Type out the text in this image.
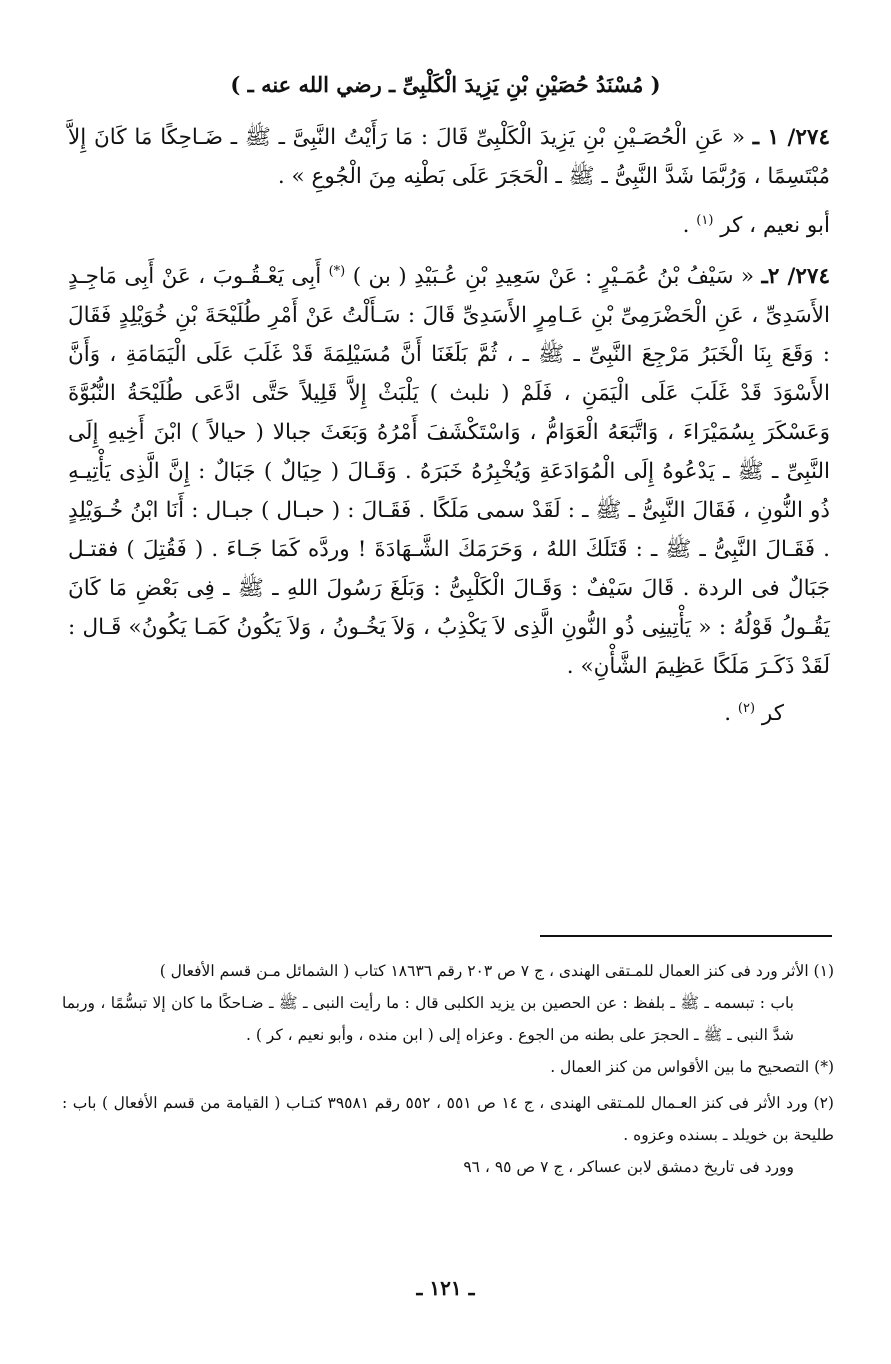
( مُسْنَدُ حُصَيْنِ بْنِ يَزِيدَ الْكَلْبِىِّ ـ رضي الله عنه ـ )

٢٧٤/ ١ ـ « عَنِ الْحُصَـيْنِ بْنِ يَزِيدَ الْكَلْبِىِّ قَالَ : مَا رَأَيْتُ النَّبِىَّ ـ ﷺ ـ ضَـاحِكًا مَا كَانَ إِلاَّ مُبْتَسِمًا ، وَرُبَّمَا شَدَّ النَّبِىُّ ـ ﷺ ـ الْحَجَرَ عَلَى بَطْنِه مِنَ الْجُوعِ » .

أبو نعيم ، كر $^{(١)}$ .

٢٧٤/ ٢ـ « سَيْفُ بْنُ عُمَـيْرٍ : عَنْ سَعِيدِ بْنِ عُـبَيْدِ ( بن ) (*) أَبِى يَعْـقُـوبَ ، عَنْ أَبِى مَاجِـدٍ الأَسَدِىِّ ، عَنِ الْحَضْرَمِىِّ بْنِ عَـامِرٍ الأَسَدِىِّ قَالَ : سَـأَلْتُ عَنْ أَمْرِ طُلَيْحَةَ بْنِ خُوَيْلِدٍ فَقَالَ : وَقَعَ بِنَا الْخَبَرُ مَرْجِعَ النَّبِىِّ ـ ﷺ ـ ، ثُمَّ بَلَغَنَا أَنَّ مُسَيْلِمَةَ قَدْ غَلَبَ عَلَى الْيَمَامَةِ ، وَأَنَّ الأَسْوَدَ قَدْ غَلَبَ عَلَى الْيَمَنِ ، فَلَمْ ( نلبث ) يَلْبَثْ إِلاَّ قَلِيلاً حَتَّى ادَّعَى طُلَيْحَةُ النُّبُوَّةَ وَعَسْكَرَ بِسُمَيْرَاءَ ، وَاتَّبَعَهُ الْعَوَامُّ ، وَاسْتَكْشَفَ أَمْرُهُ وَبَعَثَ جبالا ( حيالاً ) ابْنَ أَخِيهِ إِلَى النَّبِىِّ ـ ﷺ ـ يَدْعُوهُ إِلَى الْمُوَادَعَةِ وَيُخْبِرُهُ خَبَرَهُ . وَقَـالَ ( حِيَالٌ ) جَبَالٌ : إِنَّ الَّذِى يَأْتِيـهِ ذُو النُّونِ ، فَقَالَ النَّبِىُّ ـ ﷺ ـ : لَقَدْ سمى مَلَكًا . فَقَـالَ : ( حبـال ) جبـال : أَنَا ابْنُ خُـوَيْلِدٍ . فَقَـالَ النَّبِىُّ ـ ﷺ ـ : قَتَلَكَ اللهُ ، وَحَرَمَكَ الشَّـهَادَةَ ! وردَّه كَمَا جَـاءَ . ( فَقُتِلَ ) فقتـل جَبَالٌ فى الردة . قَالَ سَيْفٌ : وَقَـالَ الْكَلْبِىُّ : وَبَلَغَ رَسُولَ اللهِ ـ ﷺ ـ فِى بَعْضِ مَا كَانَ يَقُـولُ قَوْلُهُ : « يَأْتِينِى ذُو النُّونِ الَّذِى لاَ يَكْذِبُ ، وَلاَ يَخُـونُ ، وَلاَ يَكُونُ كَمَـا يَكُونُ» قَـال : لَقَدْ ذَكَـرَ مَلَكًا عَظِيمَ الشَّأْنِ» .

كر $^{(٢)}$ .

(١) الأثر ورد فى كنز العمال للمـتقى الهندى ، ج ٧ ص ٢٠٣ رقم ١٨٦٣٦ كتاب ( الشمائل مـن قسم الأفعال )

باب : تبسمه ـ ﷺ ـ بلفظ : عن الحصين بن يزيد الكلبى قال : ما رأيت النبى ـ ﷺ ـ ضـاحكًا ما كان إلا تبسُّمًا ، وربما شدَّ النبى ـ ﷺ ـ الحجرَ على بطنه من الجوع . وعزاه إلى ( ابن منده ، وأبو نعيم ، كر ) .

(*) التصحيح ما بين الأقواس من كنز العمال .

(٢) ورد الأثر فى كنز العـمال للمـتقى الهندى ، ج ١٤ ص ٥٥١ ، ٥٥٢ رقم ٣٩٥٨١ كتـاب ( القيامة من قسم الأفعال ) باب : طليحة بن خويلد ـ بسنده وعزوه .

وورد فى تاريخ دمشق لابن عساكر ، ج ٧ ص ٩٥ ، ٩٦

ـ ١٢١ ـ
